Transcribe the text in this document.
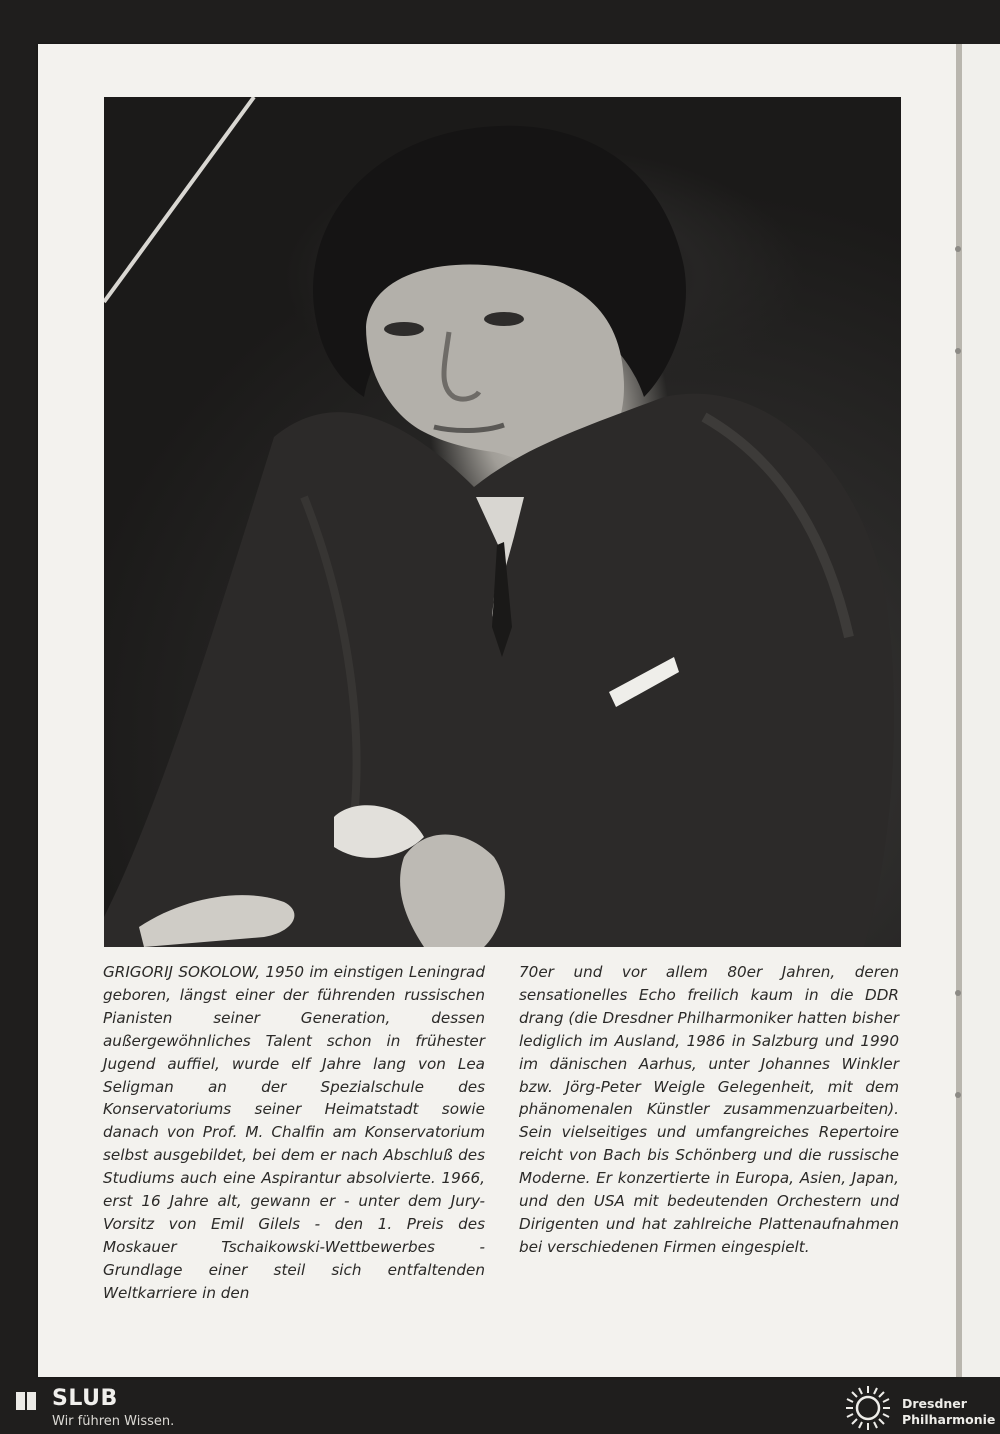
GRIGORIJ SOKOLOW, 1950 im einstigen Leningrad geboren, längst einer der führenden russischen Pianisten seiner Generation, dessen außergewöhnliches Talent schon in frühester Jugend auffiel, wurde elf Jahre lang von Lea Seligman an der Spezialschule des Konservatoriums seiner Heimatstadt sowie danach von Prof. M. Chalfin am Konservatorium selbst ausgebildet, bei dem er nach Abschluß des Studiums auch eine Aspirantur absolvierte. 1966, erst 16 Jahre alt, gewann er - unter dem Jury-Vorsitz von Emil Gilels - den 1. Preis des Moskauer Tschaikowski-Wettbewerbes - Grundlage einer steil sich entfaltenden Weltkarriere in den
70er und vor allem 80er Jahren, deren sensationelles Echo freilich kaum in die DDR drang (die Dresdner Philharmoniker hatten bisher lediglich im Ausland, 1986 in Salzburg und 1990 im dänischen Aarhus, unter Johannes Winkler bzw. Jörg-Peter Weigle Gelegenheit, mit dem phänomenalen Künstler zusammenzuarbeiten). Sein vielseitiges und umfangreiches Repertoire reicht von Bach bis Schönberg und die russische Moderne. Er konzertierte in Europa, Asien, Japan, und den USA mit bedeutenden Orchestern und Dirigenten und hat zahlreiche Plattenaufnahmen bei verschiedenen Firmen eingespielt.
SLUB
Wir führen Wissen.
Dresdner
Philharmonie
